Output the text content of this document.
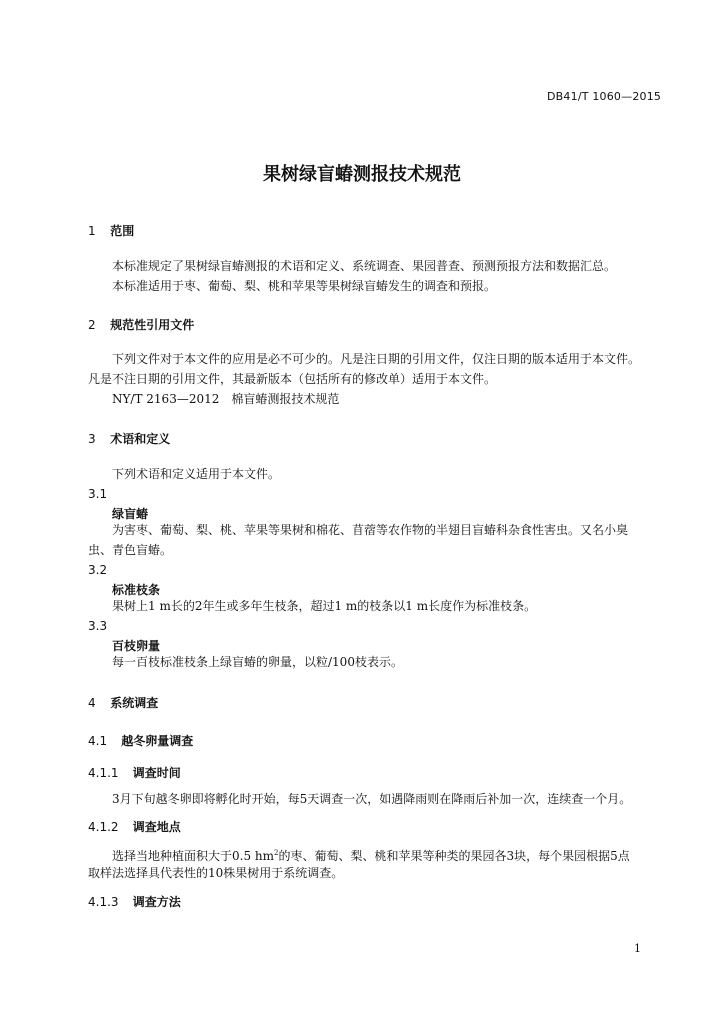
DB41/T 1060—2015
果树绿盲蝽测报技术规范
1 范围
本标准规定了果树绿盲蝽测报的术语和定义、系统调查、果园普查、预测预报方法和数据汇总。
本标准适用于枣、葡萄、梨、桃和苹果等果树绿盲蝽发生的调查和预报。
2 规范性引用文件
下列文件对于本文件的应用是必不可少的。凡是注日期的引用文件，仅注日期的版本适用于本文件。
凡是不注日期的引用文件，其最新版本（包括所有的修改单）适用于本文件。
NY/T 2163—2012　棉盲蝽测报技术规范
3 术语和定义
下列术语和定义适用于本文件。
3.1
绿盲蝽
为害枣、葡萄、梨、桃、苹果等果树和棉花、苜蓿等农作物的半翅目盲蝽科杂食性害虫。又名小臭
虫、青色盲蝽。
3.2
标准枝条
果树上1 m长的2年生或多年生枝条，超过1 m的枝条以1 m长度作为标准枝条。
3.3
百枝卵量
每一百枝标准枝条上绿盲蝽的卵量，以粒/100枝表示。
4 系统调查
4.1 越冬卵量调查
4.1.1 调查时间
3月下旬越冬卵即将孵化时开始，每5天调查一次，如遇降雨则在降雨后补加一次，连续查一个月。
4.1.2 调查地点
选择当地种植面积大于0.5 $hm^2$的枣、葡萄、梨、桃和苹果等种类的果园各3块，每个果园根据5点
取样法选择具代表性的10株果树用于系统调查。
4.1.3 调查方法
1
